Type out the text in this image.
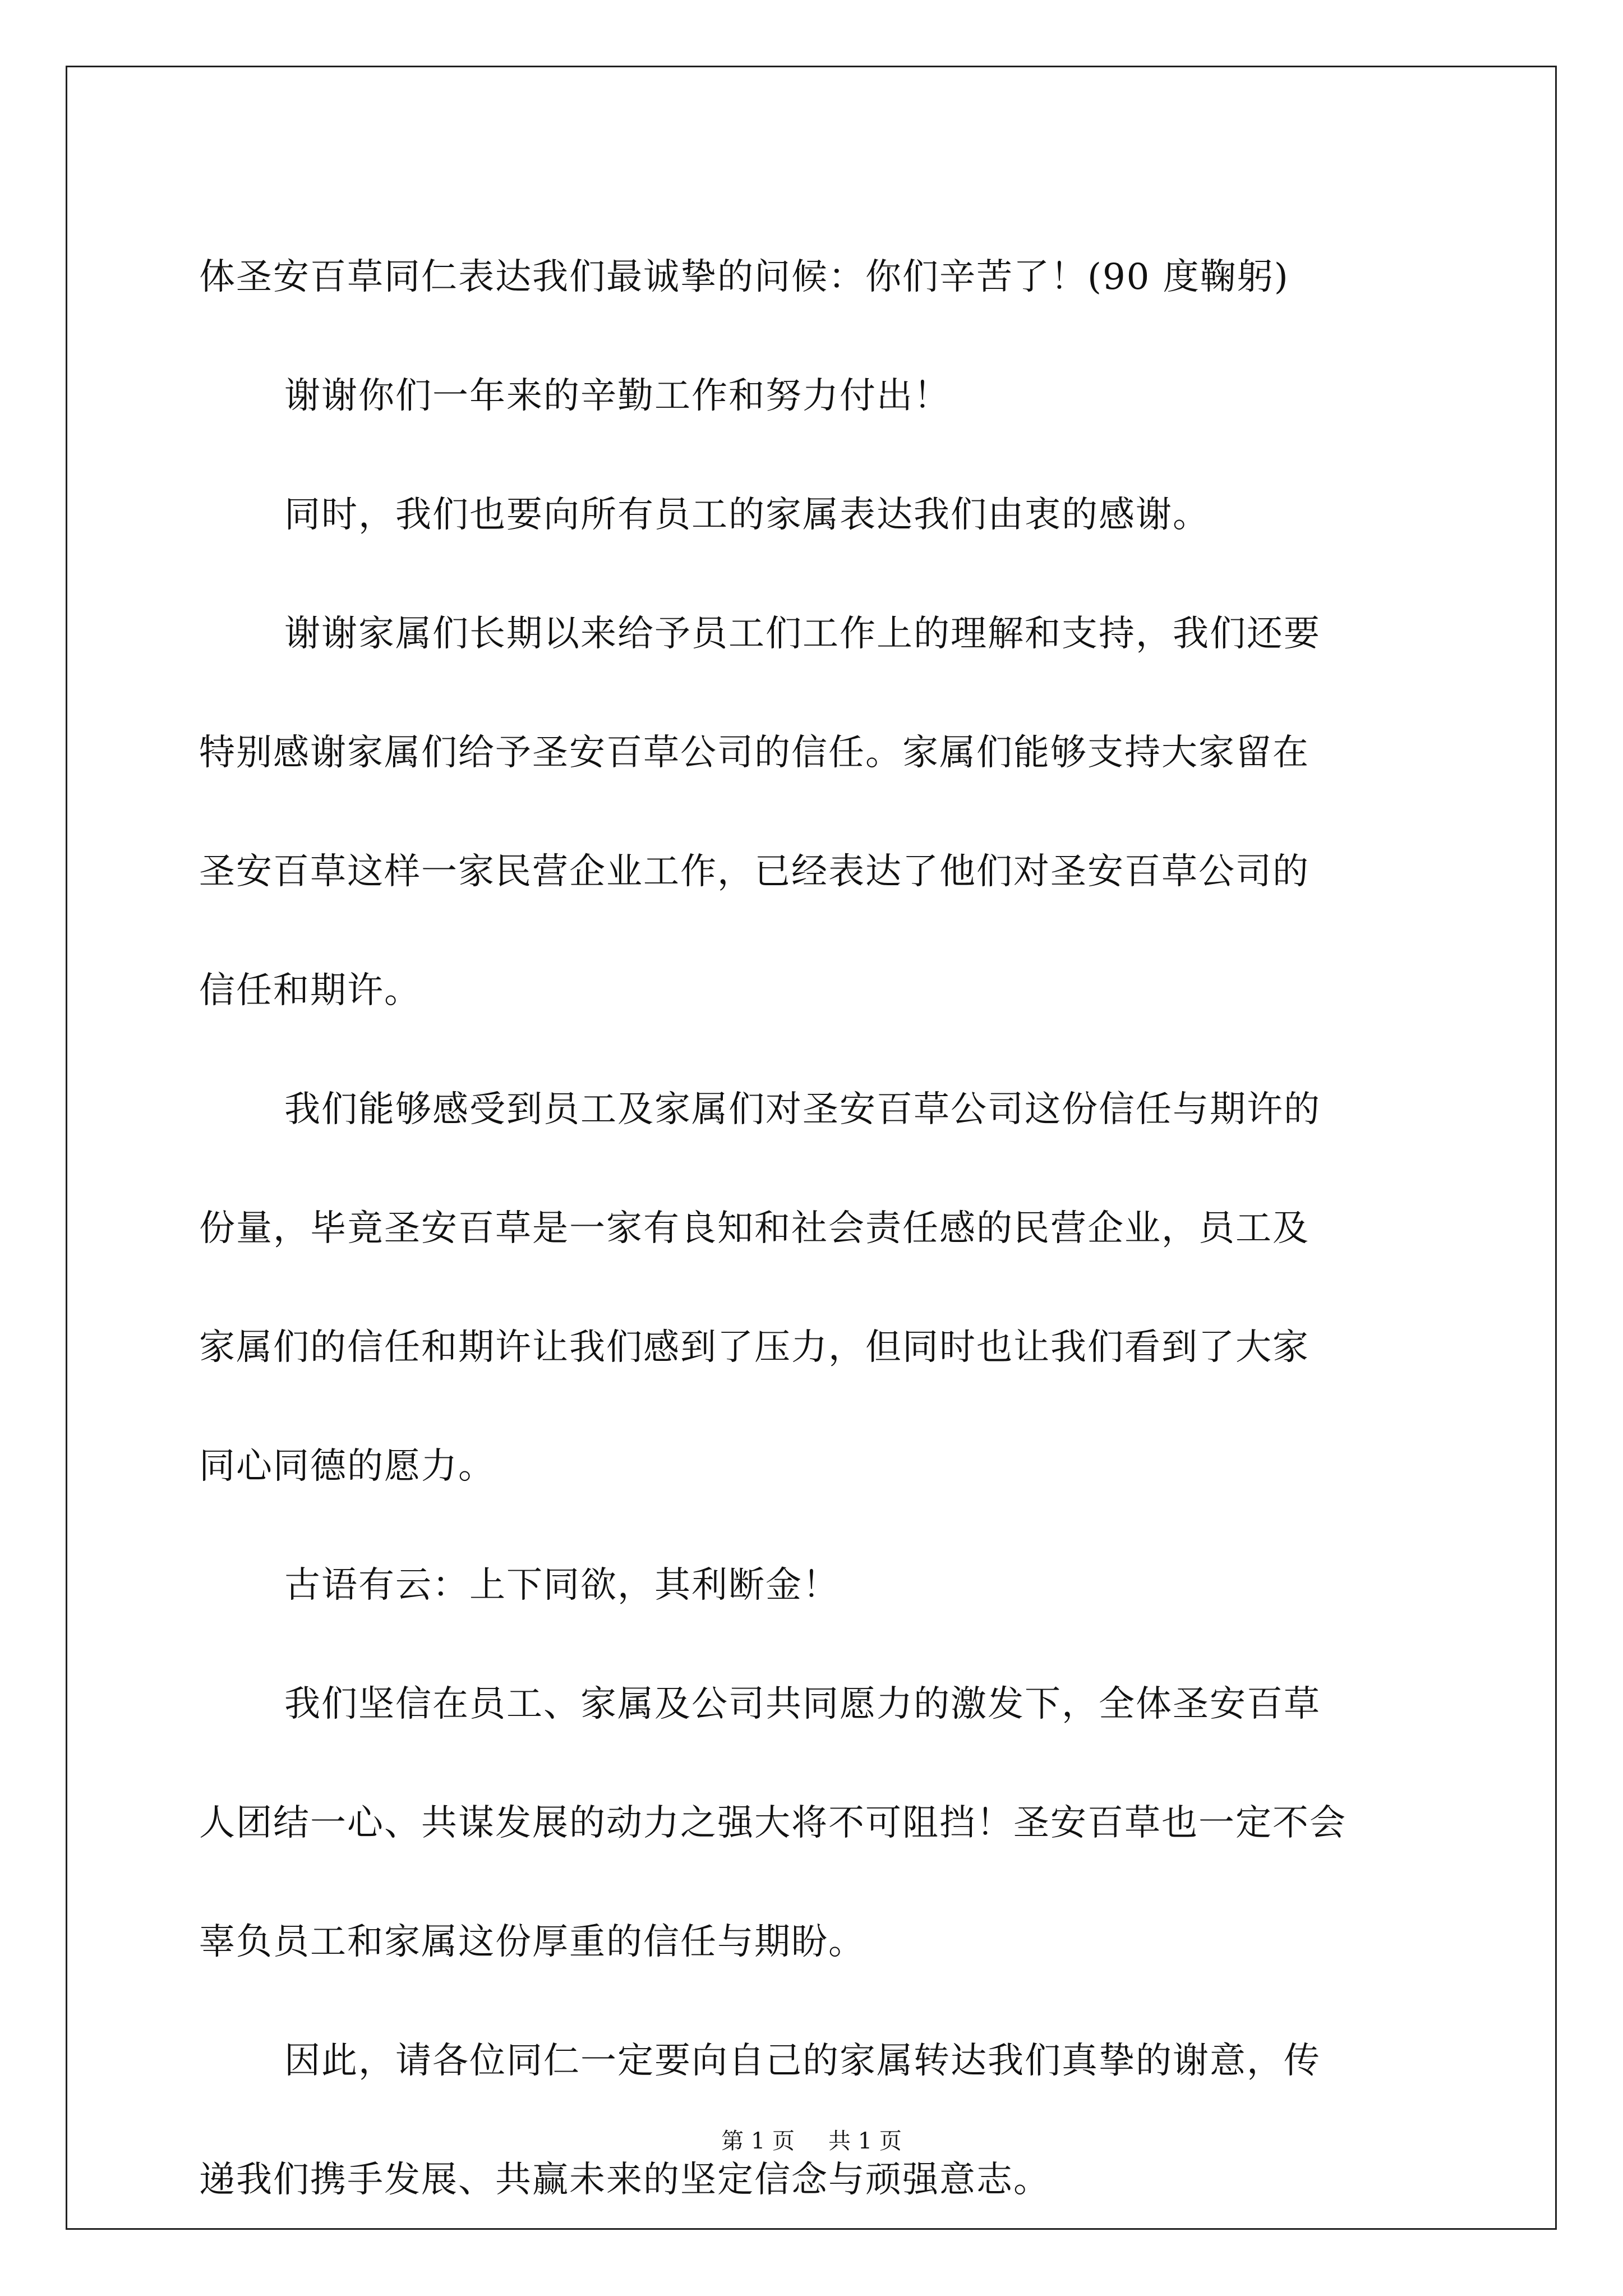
体圣安百草同仁表达我们最诚挚的问候：你们辛苦了！(90 度鞠躬)
谢谢你们一年来的辛勤工作和努力付出！
同时，我们也要向所有员工的家属表达我们由衷的感谢。
谢谢家属们长期以来给予员工们工作上的理解和支持，我们还要
特别感谢家属们给予圣安百草公司的信任。家属们能够支持大家留在
圣安百草这样一家民营企业工作，已经表达了他们对圣安百草公司的
信任和期许。
我们能够感受到员工及家属们对圣安百草公司这份信任与期许的
份量，毕竟圣安百草是一家有良知和社会责任感的民营企业，员工及
家属们的信任和期许让我们感到了压力，但同时也让我们看到了大家
同心同德的愿力。
古语有云：上下同欲，其利断金！
我们坚信在员工、家属及公司共同愿力的激发下，全体圣安百草
人团结一心、共谋发展的动力之强大将不可阻挡！圣安百草也一定不会
辜负员工和家属这份厚重的信任与期盼。
因此，请各位同仁一定要向自己的家属转达我们真挚的谢意，传
递我们携手发展、共赢未来的坚定信念与顽强意志。
第 1 页 共 1 页
